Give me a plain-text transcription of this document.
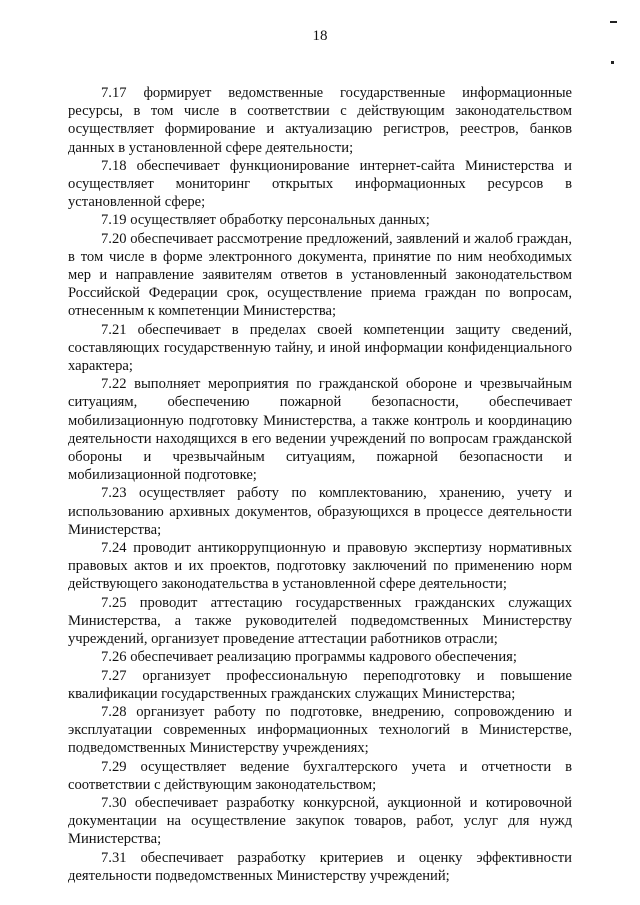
18

7.17 формирует ведомственные государственные информационные ресурсы, в том числе в соответствии с действующим законодательством осуществляет формирование и актуализацию регистров, реестров, банков данных в установленной сфере деятельности;

7.18 обеспечивает функционирование интернет-сайта Министерства и осуществляет мониторинг открытых информационных ресурсов в установленной сфере;

7.19 осуществляет обработку персональных данных;

7.20 обеспечивает рассмотрение предложений, заявлений и жалоб граждан, в том числе в форме электронного документа, принятие по ним необходимых мер и направление заявителям ответов в установленный законодательством Российской Федерации срок, осуществление приема граждан по вопросам, отнесенным к компетенции Министерства;

7.21 обеспечивает в пределах своей компетенции защиту сведений, составляющих государственную тайну, и иной информации конфиденциального характера;

7.22 выполняет мероприятия по гражданской обороне и чрезвычайным ситуациям, обеспечению пожарной безопасности, обеспечивает мобилизационную подготовку Министерства, а также контроль и координацию деятельности находящихся в его ведении учреждений по вопросам гражданской обороны и чрезвычайным ситуациям, пожарной безопасности и мобилизационной подготовке;

7.23 осуществляет работу по комплектованию, хранению, учету и использованию архивных документов, образующихся в процессе деятельности Министерства;

7.24 проводит антикоррупционную и правовую экспертизу нормативных правовых актов и их проектов, подготовку заключений по применению норм действующего законодательства в установленной сфере деятельности;

7.25 проводит аттестацию государственных гражданских служащих Министерства, а также руководителей подведомственных Министерству учреждений, организует проведение аттестации работников отрасли;

7.26 обеспечивает реализацию программы кадрового обеспечения;

7.27 организует профессиональную переподготовку и повышение квалификации государственных гражданских служащих Министерства;

7.28 организует работу по подготовке, внедрению, сопровождению и эксплуатации современных информационных технологий в Министерстве, подведомственных Министерству учреждениях;

7.29 осуществляет ведение бухгалтерского учета и отчетности в соответствии с действующим законодательством;

7.30 обеспечивает разработку конкурсной, аукционной и котировочной документации на осуществление закупок товаров, работ, услуг для нужд Министерства;

7.31 обеспечивает разработку критериев и оценку эффективности деятельности подведомственных Министерству учреждений;
